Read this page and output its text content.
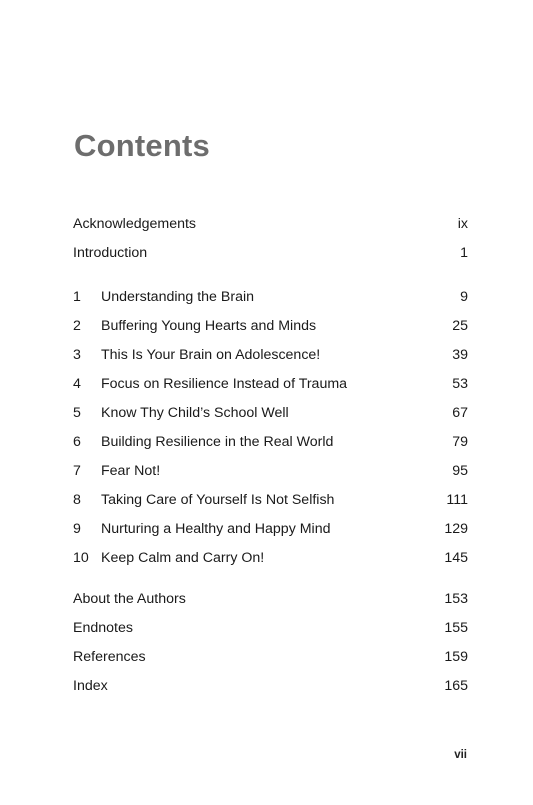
Contents
Acknowledgements	ix
Introduction	1
1 Understanding the Brain	9
2 Buffering Young Hearts and Minds	25
3 This Is Your Brain on Adolescence!	39
4 Focus on Resilience Instead of Trauma	53
5 Know Thy Child’s School Well	67
6 Building Resilience in the Real World	79
7 Fear Not!	95
8 Taking Care of Yourself Is Not Selfish	111
9 Nurturing a Healthy and Happy Mind	129
10 Keep Calm and Carry On!	145
About the Authors	153
Endnotes	155
References	159
Index	165
vii
